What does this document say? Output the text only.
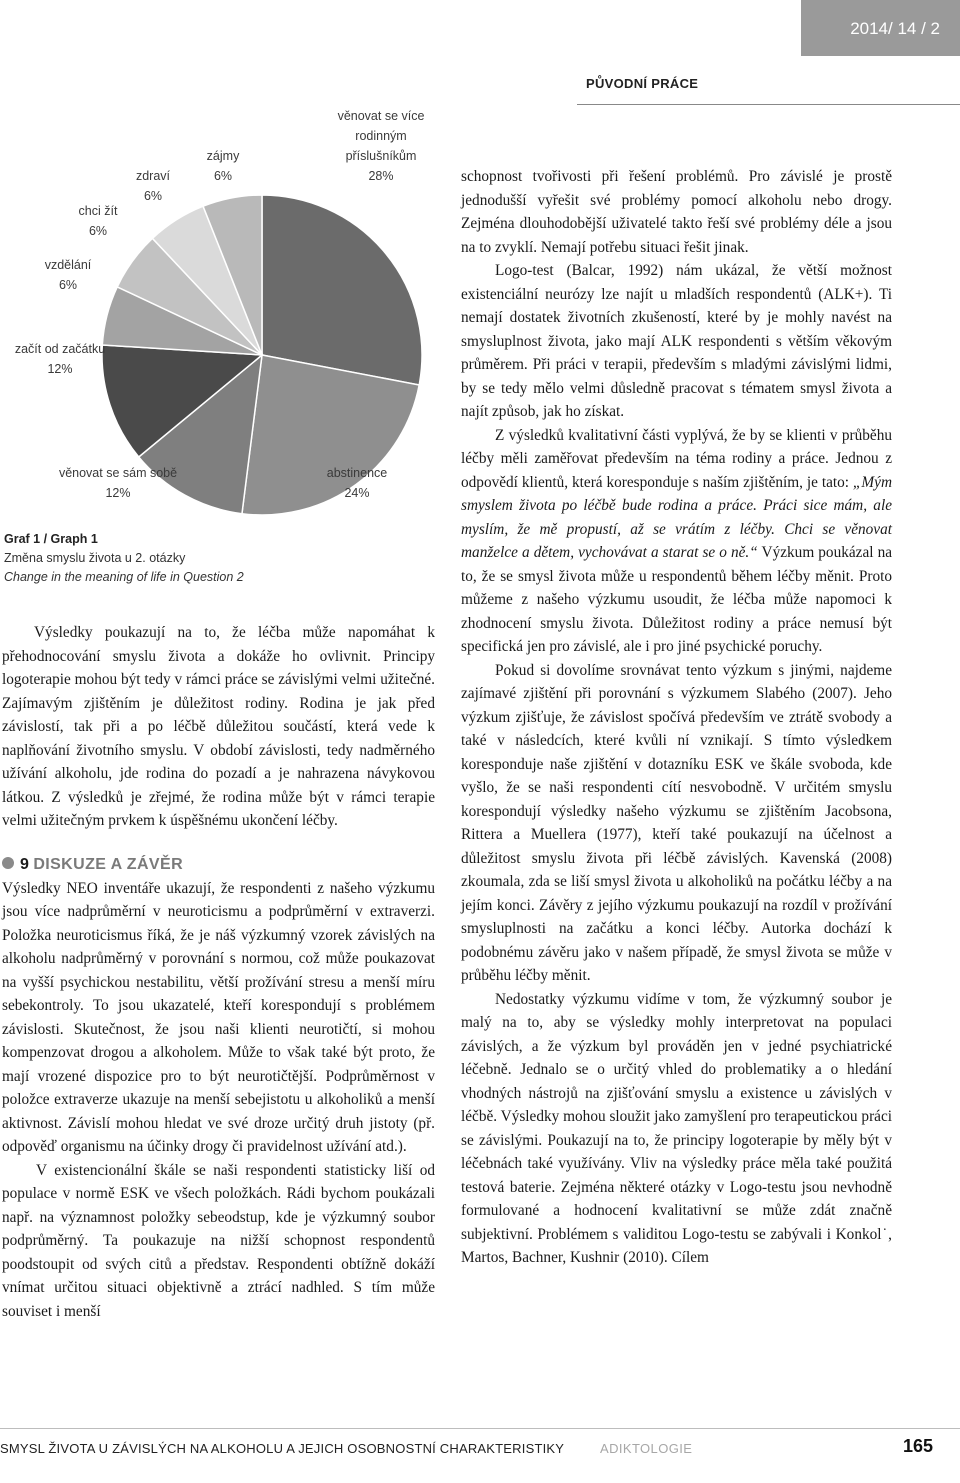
2014/ 14 / 2
PŮVODNÍ PRÁCE
věnovat se více
rodinným
příslušníkům
28%
abstinence
24%
věnovat se sám sobě
12%
začít od začátku
12%
vzdělání
6%
chci žít
6%
zdraví
6%
zájmy
6%
Graf 1 / Graph 1
Změna smyslu života u 2. otázky
Change in the meaning of life in Question 2

Výsledky poukazují na to, že léčba může napomáhat k přehodnocování smyslu života a dokáže ho ovlivnit. Principy logoterapie mohou být tedy v rámci práce se závislými velmi užitečné. Zajímavým zjištěním je důležitost rodiny. Rodina je jak před závislostí, tak při a po léčbě důležitou součástí, která vede k naplňování životního smyslu. V období závislosti, tedy nadměrného užívání alkoholu, jde rodina do pozadí a je nahrazena návykovou látkou. Z výsledků je zřejmé, že rodina může být v rámci terapie velmi užitečným prvkem k úspěšnému ukončení léčby.

9 DISKUZE A ZÁVĚR

Výsledky NEO inventáře ukazují, že respondenti z našeho výzkumu jsou více nadprůměrní v neuroticismu a podprůměrní v extraverzi. Položka neuroticismus říká, že je náš výzkumný vzorek závislých na alkoholu nadprůměrný v porovnání s normou, což může poukazovat na vyšší psychickou nestabilitu, větší prožívání stresu a menší míru sebekontroly. To jsou ukazatelé, kteří korespondují s problémem závislosti. Skutečnost, že jsou naši klienti neurotičtí, si mohou kompenzovat drogou a alkoholem. Může to však také být proto, že mají vrozené dispozice pro to být neurotičtější. Podprůměrnost v položce extraverze ukazuje na menší sebejistotu u alkoholiků a menší aktivnost. Závislí mohou hledat ve své droze určitý druh jistoty (př. odpověď organismu na účinky drogy či pravidelnost užívání atd.).

V existencionální škále se naši respondenti statisticky liší od populace v normě ESK ve všech položkách. Rádi bychom poukázali např. na významnost položky sebeodstup, kde je výzkumný soubor podprůměrný. Ta poukazuje na nižší schopnost respondentů poodstoupit od svých citů a představ. Respondenti obtížně dokáží vnímat určitou situaci objektivně a ztrácí nadhled. S tím může souviset i menší

schopnost tvořivosti při řešení problémů. Pro závislé je prostě jednodušší vyřešit své problémy pomocí alkoholu nebo drogy. Zejména dlouhodobější uživatelé takto řeší své problémy déle a jsou na to zvyklí. Nemají potřebu situaci řešit jinak.

Logo-test (Balcar, 1992) nám ukázal, že větší možnost existenciální neurózy lze najít u mladších respondentů (ALK+). Ti nemají dostatek životních zkušeností, které by je mohly navést na smysluplnost života, jako mají ALK respondenti s větším věkovým průměrem. Při práci v terapii, především s mladými závislými lidmi, by se tedy mělo velmi důsledně pracovat s tématem smysl života a najít způsob, jak ho získat.

Z výsledků kvalitativní části vyplývá, že by se klienti v průběhu léčby měli zaměřovat především na téma rodiny a práce. Jednou z odpovědí klientů, která koresponduje s naším zjištěním, je tato: „Mým smyslem života po léčbě bude rodina a práce. Práci sice mám, ale myslím, že mě propustí, až se vrátím z léčby. Chci se věnovat manželce a dětem, vychovávat a starat se o ně.“ Výzkum poukázal na to, že se smysl života může u respondentů během léčby měnit. Proto můžeme z našeho výzkumu usoudit, že léčba může napomoci k zhodnocení smyslu života. Důležitost rodiny a práce nemusí být specifická jen pro závislé, ale i pro jiné psychické poruchy.

Pokud si dovolíme srovnávat tento výzkum s jinými, najdeme zajímavé zjištění při porovnání s výzkumem Slabého (2007). Jeho výzkum zjišťuje, že závislost spočívá především ve ztrátě svobody a také v následcích, které kvůli ní vznikají. S tímto výsledkem koresponduje naše zjištění v dotazníku ESK ve škále svoboda, kde vyšlo, že se naši respondenti cítí nesvobodně. V určitém smyslu korespondují výsledky našeho výzkumu se zjištěním Jacobsona, Rittera a Muellera (1977), kteří také poukazují na účelnost a důležitost smyslu života při léčbě závislých. Kavenská (2008) zkoumala, zda se liší smysl života u alkoholiků na počátku léčby a na jejím konci. Závěry z jejího výzkumu poukazují na rozdíl v prožívání smysluplnosti na začátku a konci léčby. Autorka dochází k podobnému závěru jako v našem případě, že smysl života se může v průběhu léčby měnit.

Nedostatky výzkumu vidíme v tom, že výzkumný soubor je malý na to, aby se výsledky mohly interpretovat na populaci závislých, a že výzkum byl prováděn jen v jedné psychiatrické léčebně. Jednalo se o určitý vhled do problematiky a o hledání vhodných nástrojů na zjišťování smyslu a existence u závislých v léčbě. Výsledky mohou sloužit jako zamyšlení pro terapeutickou práci se závislými. Poukazují na to, že principy logoterapie by měly být v léčebnách také využívány. Vliv na výsledky práce měla také použitá testová baterie. Zejména některé otázky v Logo-testu jsou nevhodně formulované a hodnocení kvalitativní se může zdát značně subjektivní. Problémem s validitou Logo-testu se zabývali i Konkol˙, Martos, Bachner, Kushnir (2010). Cílem

SMYSL ŽIVOTA U ZÁVISLÝCH NA ALKOHOLU A JEJICH OSOBNOSTNÍ CHARAKTERISTIKY	ADIKTOLOGIE	165
